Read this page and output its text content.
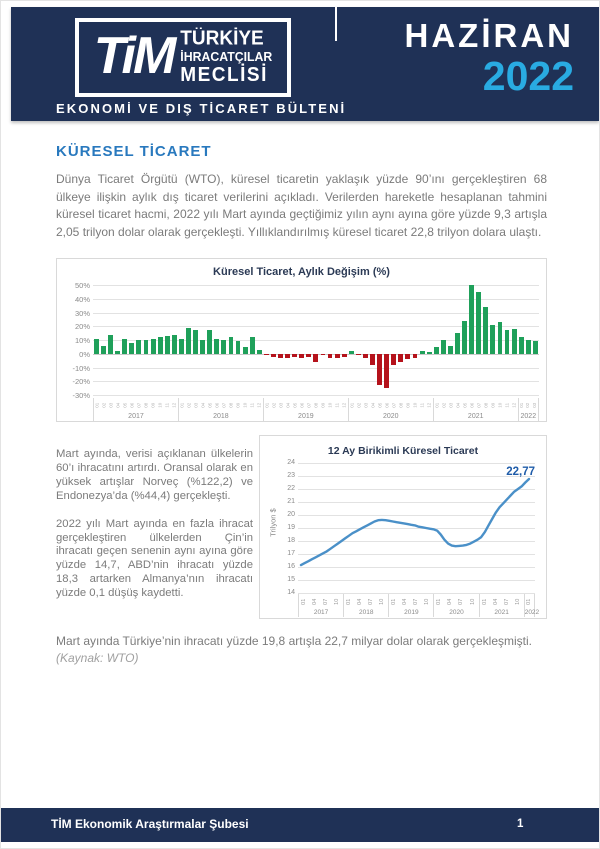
TiM TÜRKİYE
İHRACATÇILAR
MECLİSİ
EKONOMİ VE DIŞ TİCARET BÜLTENİ
HAZİRAN
2022
KÜRESEL TİCARET

Dünya Ticaret Örgütü (WTO), küresel ticaretin yaklaşık yüzde 90’ını gerçekleştiren 68 ülkeye ilişkin aylık dış ticaret verilerini açıkladı. Verilerden hareketle hesaplanan tahmini küresel ticaret hacmi, 2022 yılı Mart ayında geçtiğimiz yılın aynı ayına göre yüzde 9,3 artışla 2,05 trilyon dolar olarak gerçekleşti. Yıllıklandırılmış küresel ticaret 22,8 trilyon dolara ulaştı.

Küresel Ticaret, Aylık Değişim (%)
50%
40%
30%
20%
10%
0%
-10%
-20%
-30%
01 02 03 04 05 06 07 08 09 10 11 12
2017
01 02 03 04 05 06 07 08 09 10 11 12
2018
01 02 03 04 05 06 07 08 09 10 11 12
2019
01 02 03 04 05 06 07 08 09 10 11 12
2020
01 02 03 04 05 06 07 08 09 10 11 12
2021
01 02 03
2022

Mart ayında, verisi açıklanan ülkelerin 60’ı ihracatını artırdı. Oransal olarak en yüksek artışlar Norveç (%122,2) ve Endonezya’da (%44,4) gerçekleşti.

2022 yılı Mart ayında en fazla ihracat gerçekleştiren ülkelerden Çin’in ihracatı geçen senenin aynı ayına göre yüzde 14,7, ABD’nin ihracatı yüzde 18,3 artarken Almanya’nın ihracatı yüzde 0,1 düşüş kaydetti.

12 Ay Birikimli Küresel Ticaret
Trilyon $
24
23
22
21
20
19
18
17
16
15
14
22,77
01 04 07 10
2017
01 04 07 10
2018
01 04 07 10
2019
01 04 07 10
2020
01 04 07 10
2021
01
2022
Mart ayında Türkiye’nin ihracatı yüzde 19,8 artışla 22,7 milyar dolar olarak gerçekleşmişti.
(Kaynak: WTO)
TİM Ekonomik Araştırmalar Şubesi	1
